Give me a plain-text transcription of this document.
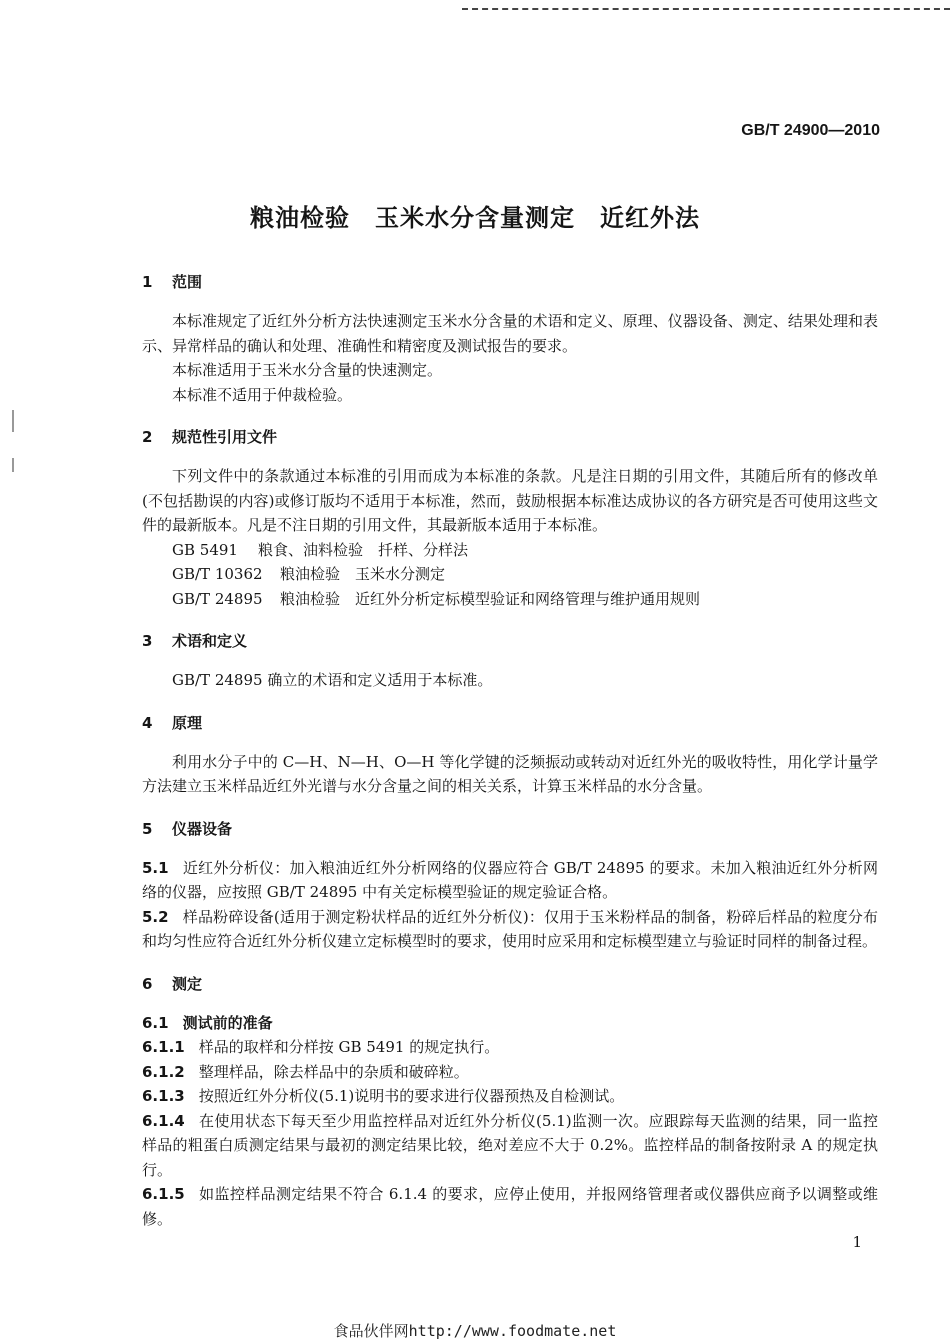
GB/T 24900—2010
粮油检验　玉米水分含量测定　近红外法
1 范围
本标准规定了近红外分析方法快速测定玉米水分含量的术语和定义、原理、仪器设备、测定、结果处理和表示、异常样品的确认和处理、准确性和精密度及测试报告的要求。
本标准适用于玉米水分含量的快速测定。
本标准不适用于仲裁检验。
2 规范性引用文件
下列文件中的条款通过本标准的引用而成为本标准的条款。凡是注日期的引用文件，其随后所有的修改单(不包括勘误的内容)或修订版均不适用于本标准，然而，鼓励根据本标准达成协议的各方研究是否可使用这些文件的最新版本。凡是不注日期的引用文件，其最新版本适用于本标准。
GB 5491 粮食、油料检验　扦样、分样法
GB/T 10362 粮油检验　玉米水分测定
GB/T 24895 粮油检验　近红外分析定标模型验证和网络管理与维护通用规则
3 术语和定义
GB/T 24895 确立的术语和定义适用于本标准。
4 原理
利用水分子中的 C—H、N—H、O—H 等化学键的泛频振动或转动对近红外光的吸收特性，用化学计量学方法建立玉米样品近红外光谱与水分含量之间的相关关系，计算玉米样品的水分含量。
5 仪器设备
5.1 近红外分析仪：加入粮油近红外分析网络的仪器应符合 GB/T 24895 的要求。未加入粮油近红外分析网络的仪器，应按照 GB/T 24895 中有关定标模型验证的规定验证合格。
5.2 样品粉碎设备(适用于测定粉状样品的近红外分析仪)：仅用于玉米粉样品的制备，粉碎后样品的粒度分布和均匀性应符合近红外分析仪建立定标模型时的要求，使用时应采用和定标模型建立与验证时同样的制备过程。
6 测定
6.1 测试前的准备
6.1.1 样品的取样和分样按 GB 5491 的规定执行。
6.1.2 整理样品，除去样品中的杂质和破碎粒。
6.1.3 按照近红外分析仪(5.1)说明书的要求进行仪器预热及自检测试。
6.1.4 在使用状态下每天至少用监控样品对近红外分析仪(5.1)监测一次。应跟踪每天监测的结果，同一监控样品的粗蛋白质测定结果与最初的测定结果比较，绝对差应不大于 0.2%。监控样品的制备按附录 A 的规定执行。
6.1.5 如监控样品测定结果不符合 6.1.4 的要求，应停止使用，并报网络管理者或仪器供应商予以调整或维修。
1
食品伙伴网http://www.foodmate.net
